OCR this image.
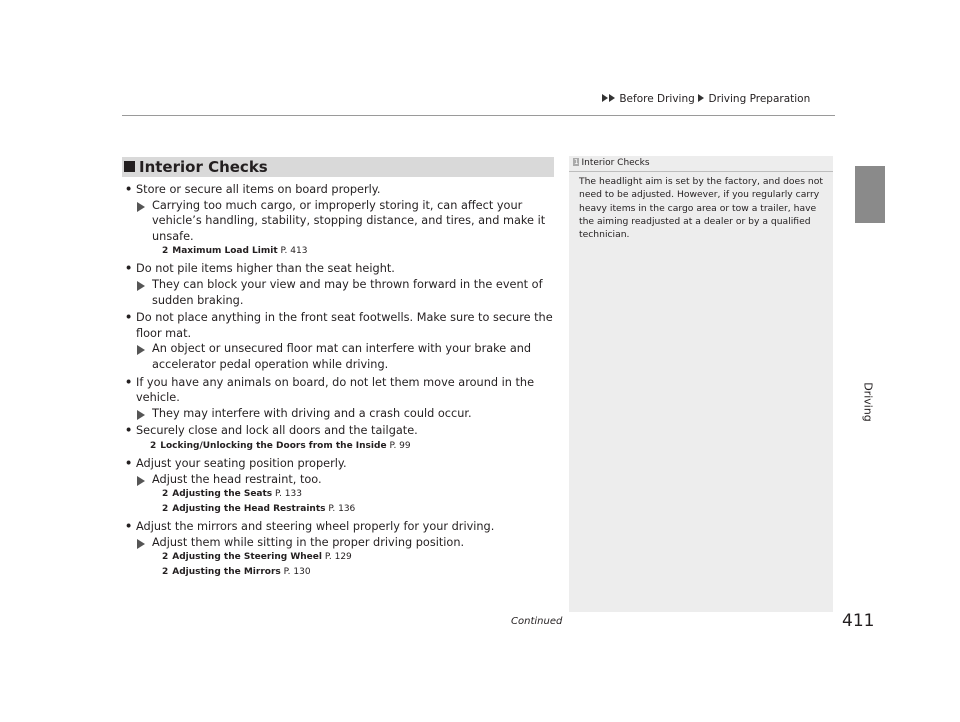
Before Driving Driving Preparation
Driving
Interior Checks
• Store or secure all items on board properly.
Carrying too much cargo, or improperly storing it, can affect your vehicle’s handling, stability, stopping distance, and tires, and make it unsafe.
2 Maximum Load Limit P. 413
• Do not pile items higher than the seat height.
They can block your view and may be thrown forward in the event of sudden braking.
• Do not place anything in the front seat footwells. Make sure to secure the floor mat.
An object or unsecured floor mat can interfere with your brake and accelerator pedal operation while driving.
• If you have any animals on board, do not let them move around in the vehicle.
They may interfere with driving and a crash could occur.
• Securely close and lock all doors and the tailgate.
2 Locking/Unlocking the Doors from the Inside P. 99
• Adjust your seating position properly.
Adjust the head restraint, too.
2 Adjusting the Seats P. 133
2 Adjusting the Head Restraints P. 136
• Adjust the mirrors and steering wheel properly for your driving.
Adjust them while sitting in the proper driving position.
2 Adjusting the Steering Wheel P. 129
2 Adjusting the Mirrors P. 130
1 Interior Checks
The headlight aim is set by the factory, and does not need to be adjusted. However, if you regularly carry heavy items in the cargo area or tow a trailer, have the aiming readjusted at a dealer or by a qualified technician.
Continued	411
